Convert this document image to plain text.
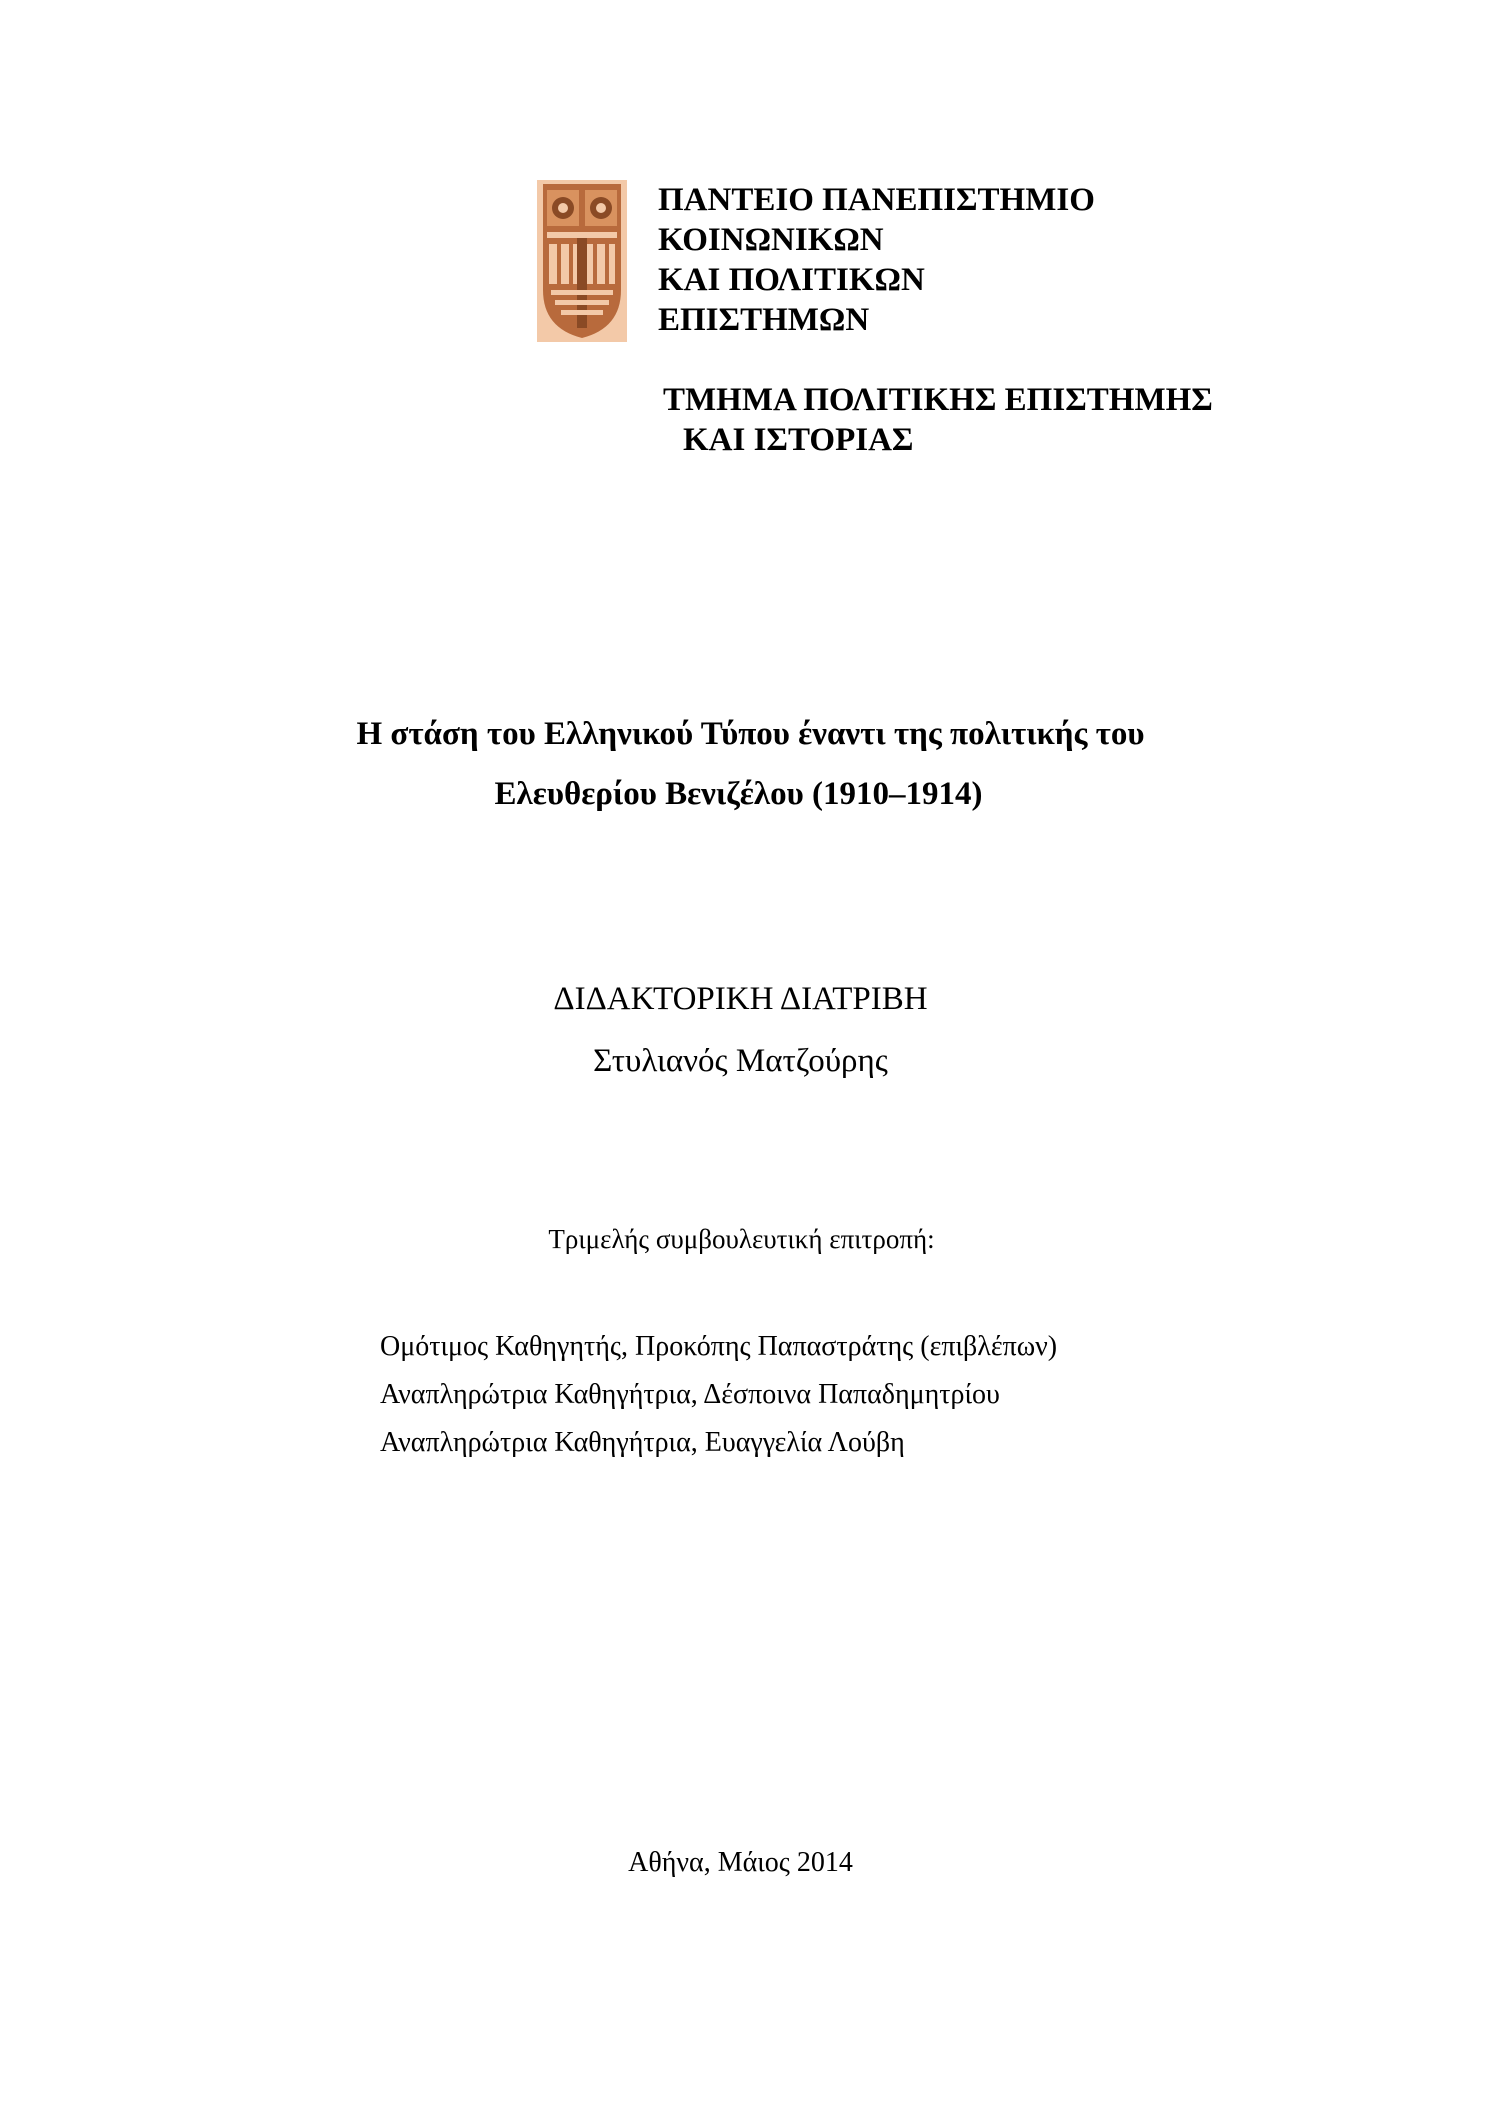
ΠΑΝΤΕΙΟ ΠΑΝΕΠΙΣΤΗΜΙΟ
ΚΟΙΝΩΝΙΚΩΝ
ΚΑΙ ΠΟΛΙΤΙΚΩΝ
ΕΠΙΣΤΗΜΩΝ
ΤΜΗΜΑ ΠΟΛΙΤΙΚΗΣ ΕΠΙΣΤΗΜΗΣ
ΚΑΙ ΙΣΤΟΡΙΑΣ
Η στάση του Ελληνικού Τύπου έναντι της πολιτικής του
Ελευθερίου Βενιζέλου (1910–1914)
ΔΙΔΑΚΤΟΡΙΚΗ ΔΙΑΤΡΙΒΗ
Στυλιανός Ματζούρης
Τριμελής συμβουλευτική επιτροπή:
Ομότιμος Καθηγητής, Προκόπης Παπαστράτης (επιβλέπων)
Αναπληρώτρια Καθηγήτρια, Δέσποινα Παπαδημητρίου
Αναπληρώτρια Καθηγήτρια, Ευαγγελία Λούβη
Αθήνα, Μάιος 2014
